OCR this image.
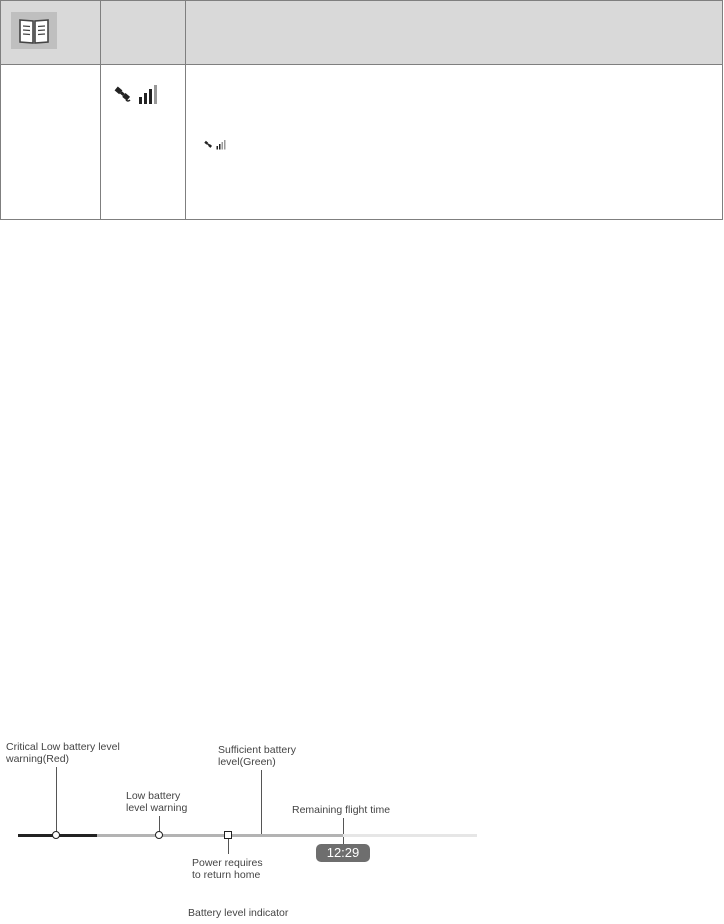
Critical Low battery level
warning(Red)
Sufficient battery
level(Green)
Low battery
level warning	Remaining flight time
12:29
Power requires
to return home
Battery level indicator
